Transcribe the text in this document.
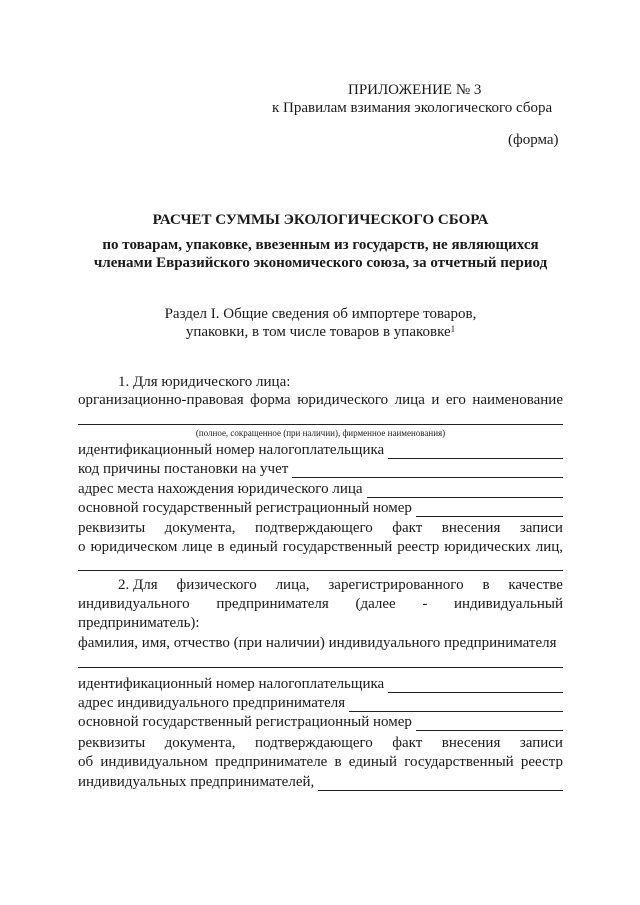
ПРИЛОЖЕНИЕ № 3
к Правилам взимания экологического сбора
(форма)
РАСЧЕТ СУММЫ ЭКОЛОГИЧЕСКОГО СБОРА
по товарам, упаковке, ввезенным из государств, не являющихся
членами Евразийского экономического союза, за отчетный период
Раздел I. Общие сведения об импортере товаров,
упаковки, в том числе товаров в упаковке$^1$
1. Для юридического лица:
организационно-правовая форма юридического лица и его наименование
(полное, сокращенное (при наличии), фирменное наименования)
идентификационный номер налогоплательщика
код причины постановки на учет
адрес места нахождения юридического лица
основной государственный регистрационный номер
реквизиты документа, подтверждающего факт внесения записи
о юридическом лице в единый государственный реестр юридических лиц,
2. Для физического лица, зарегистрированного в качестве
индивидуального предпринимателя (далее - индивидуальный
предприниматель):
фамилия, имя, отчество (при наличии) индивидуального предпринимателя
идентификационный номер налогоплательщика
адрес индивидуального предпринимателя
основной государственный регистрационный номер
реквизиты документа, подтверждающего факт внесения записи
об индивидуальном предпринимателе в единый государственный реестр
индивидуальных предпринимателей,
